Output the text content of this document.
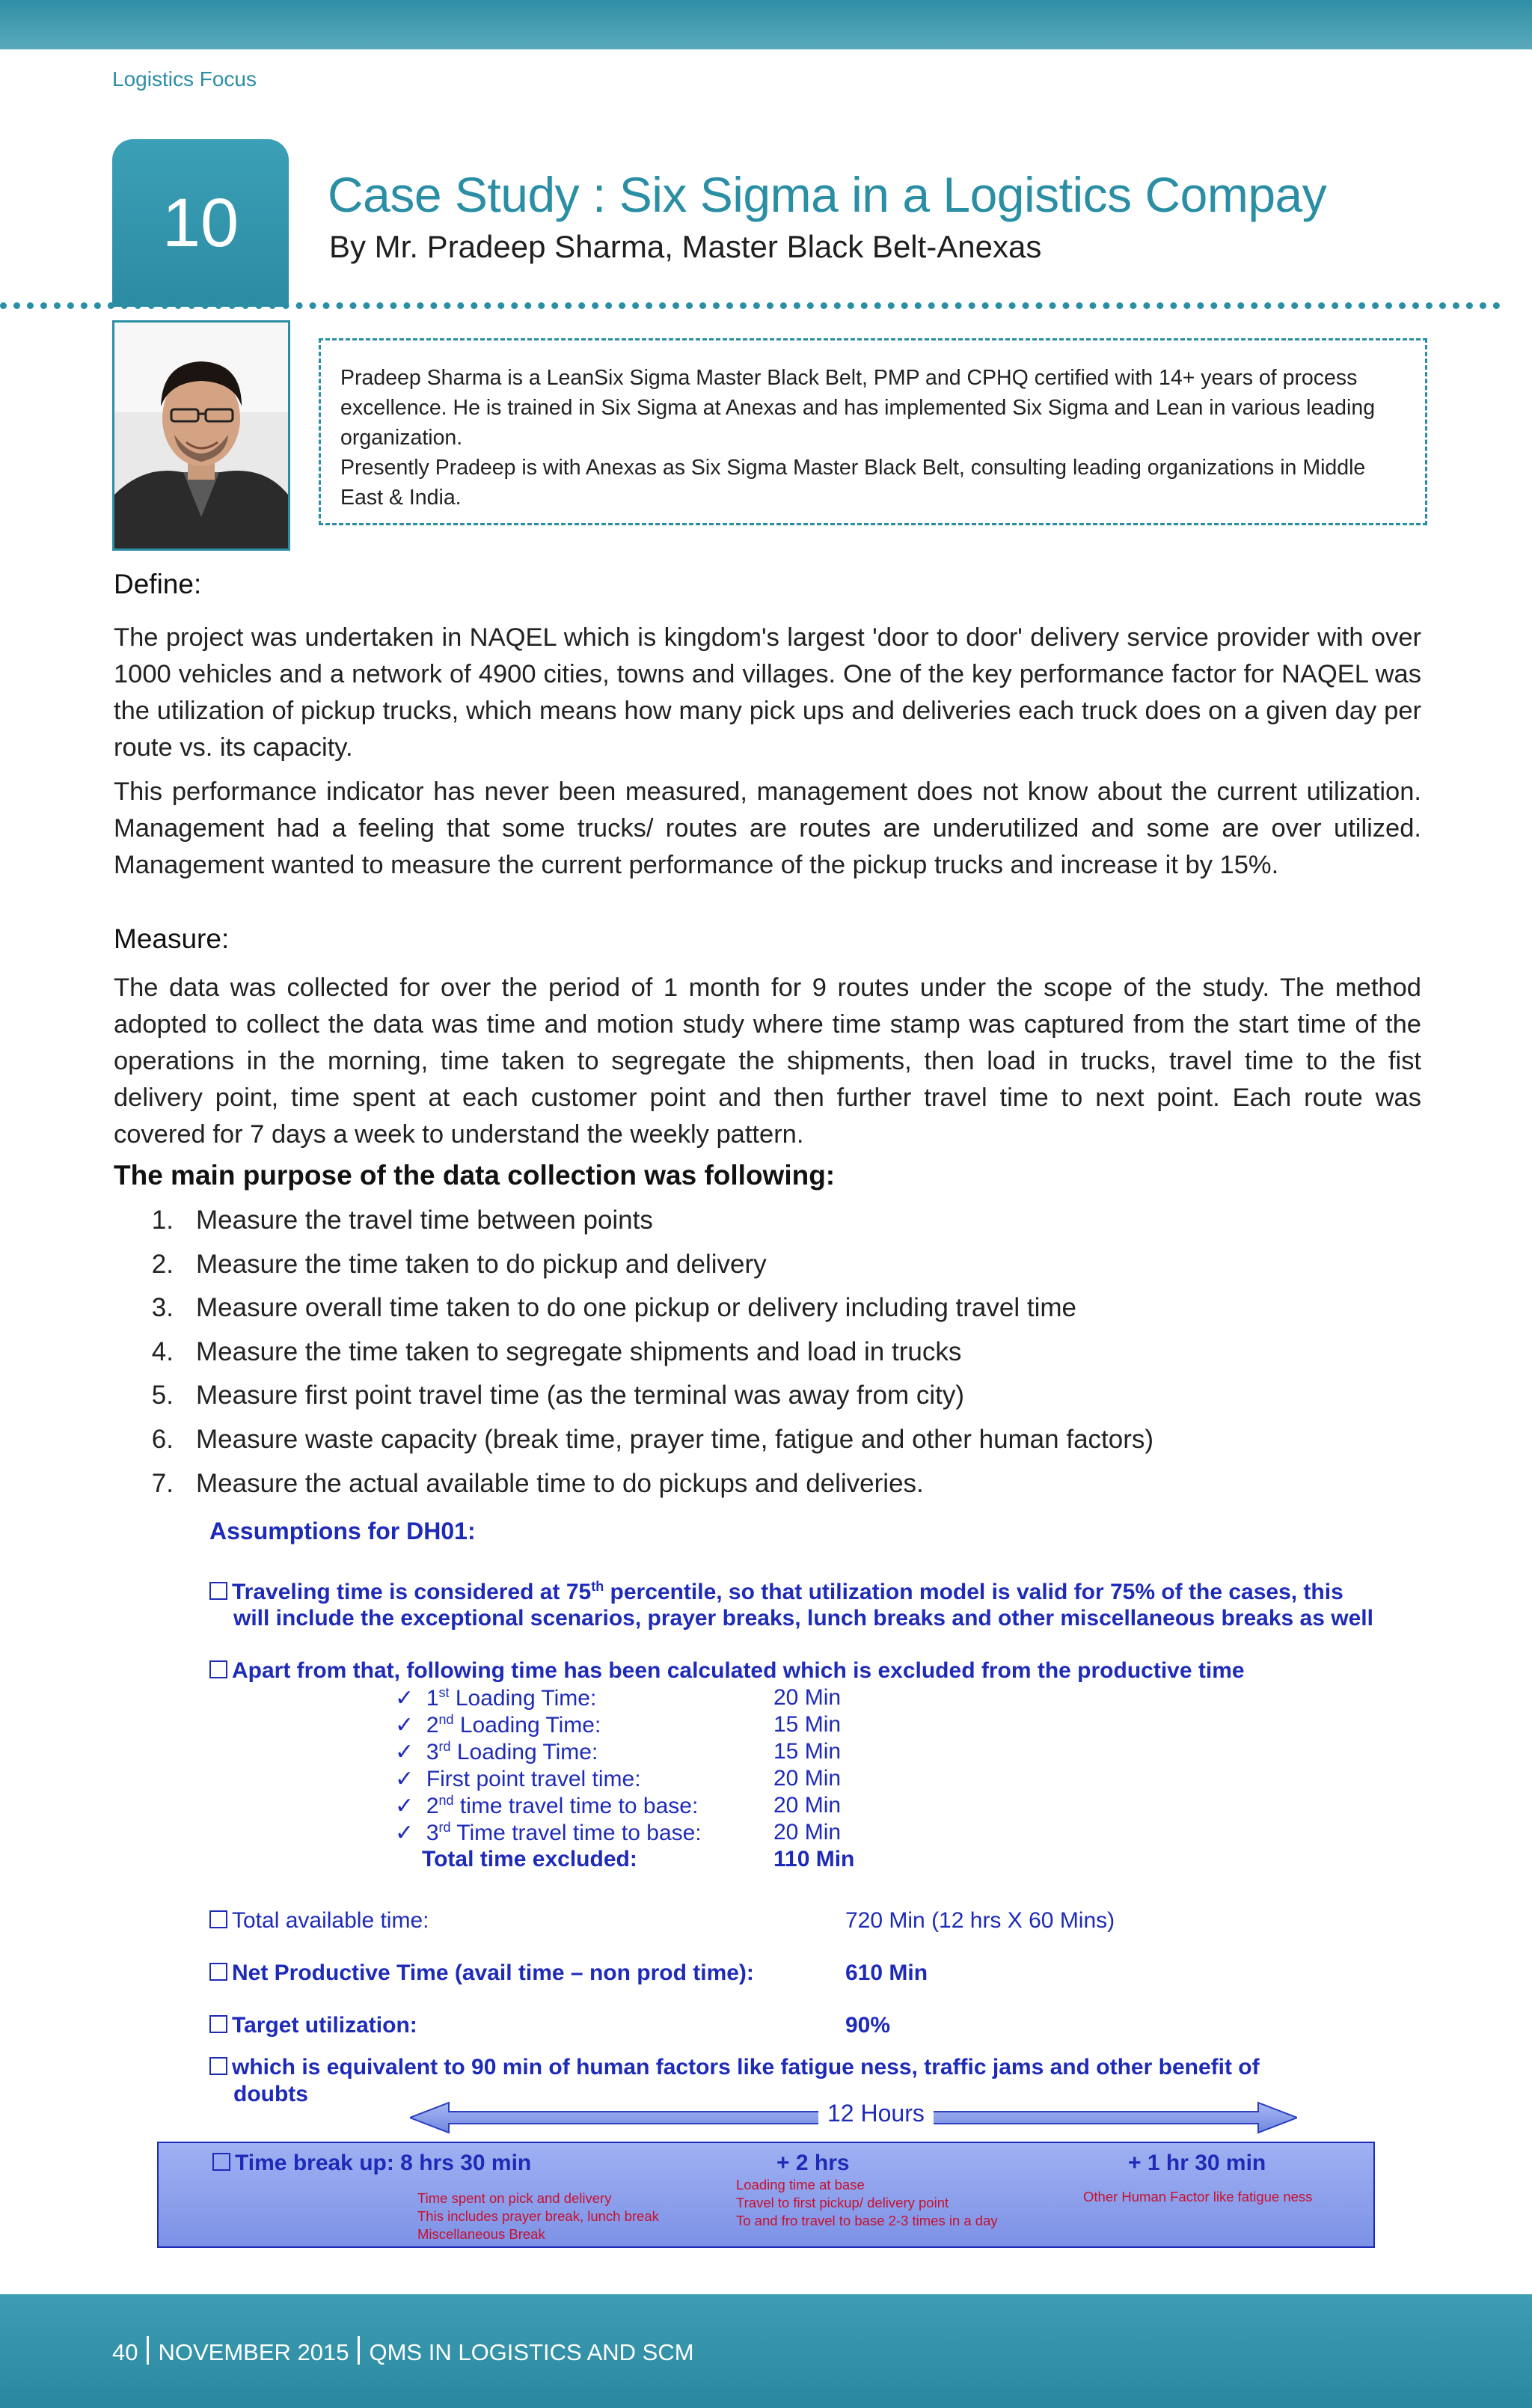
Logistics Focus
10	Case Study : Six Sigma in a Logistics Compay
By Mr. Pradeep Sharma, Master Black Belt-Anexas

Pradeep Sharma is a LeanSix Sigma Master Black Belt, PMP and CPHQ certified with 14+ years of process excellence. He is trained in Six Sigma at Anexas and has implemented Six Sigma and Lean in various leading organization.

Presently Pradeep is with Anexas as Six Sigma Master Black Belt, consulting leading organizations in Middle East & India.

Define:

The project was undertaken in NAQEL which is kingdom's largest 'door to door' delivery service provider with over 1000 vehicles and a network of 4900 cities, towns and villages. One of the key performance factor for NAQEL was the utilization of pickup trucks, which means how many pick ups and deliveries each truck does on a given day per route vs. its capacity.

This performance indicator has never been measured, management does not know about the current utilization. Management had a feeling that some trucks/ routes are routes are underutilized and some are over utilized. Management wanted to measure the current performance of the pickup trucks and increase it by 15%.

Measure:

The data was collected for over the period of 1 month for 9 routes under the scope of the study. The method adopted to collect the data was time and motion study where time stamp was captured from the start time of the operations in the morning, time taken to segregate the shipments, then load in trucks, travel time to the fist delivery point, time spent at each customer point and then further travel time to next point. Each route was covered for 7 days a week to understand the weekly pattern.

The main purpose of the data collection was following:
1. Measure the travel time between points
2. Measure the time taken to do pickup and delivery
3. Measure overall time taken to do one pickup or delivery including travel time
4. Measure the time taken to segregate shipments and load in trucks
5. Measure first point travel time (as the terminal was away from city)
6. Measure waste capacity (break time, prayer time, fatigue and other human factors)
7. Measure the actual available time to do pickups and deliveries.
Assumptions for DH01:
Traveling time is considered at 75th percentile, so that utilization model is valid for 75% of the cases, this
will include the exceptional scenarios, prayer breaks, lunch breaks and other miscellaneous breaks as well
Apart from that, following time has been calculated which is excluded from the productive time
✓ 1st Loading Time:	20 Min
✓ 2nd Loading Time:	15 Min
✓ 3rd Loading Time:	15 Min
✓ First point travel time:	20 Min
✓ 2nd time travel time to base:	20 Min
✓ 3rd Time travel time to base:	20 Min
Total time excluded:	110 Min
Total available time:	720 Min (12 hrs X 60 Mins)
Net Productive Time (avail time – non prod time):	610 Min
Target utilization:	90%
which is equivalent to 90 min of human factors like fatigue ness, traffic jams and other benefit of
doubts
12 Hours
Time break up: 8 hrs 30 min	+ 2 hrs	+ 1 hr 30 min
Time spent on pick and delivery
This includes prayer break, lunch break
Miscellaneous Break
Loading time at base
Travel to first pickup/ delivery point
To and fro travel to base 2-3 times in a day
Other Human Factor like fatigue ness
40 NOVEMBER 2015 QMS IN LOGISTICS AND SCM
